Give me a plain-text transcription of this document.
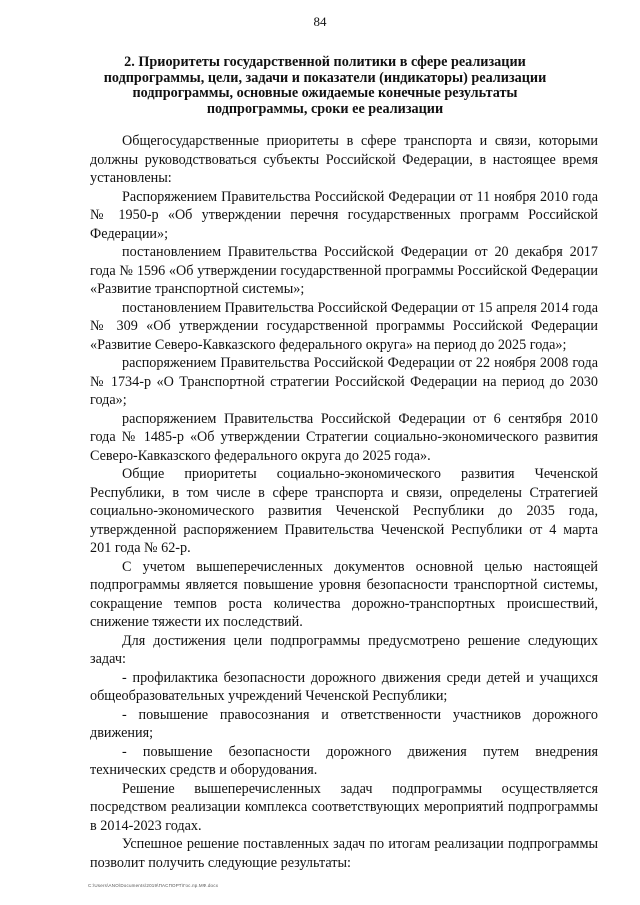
84
2. Приоритеты государственной политики в сфере реализации подпрограммы, цели, задачи и показатели (индикаторы) реализации подпрограммы, основные ожидаемые конечные результаты подпрограммы, сроки ее реализации

Общегосударственные приоритеты в сфере транспорта и связи, которыми должны руководствоваться субъекты Российской Федерации, в настоящее время установлены:

Распоряжением Правительства Российской Федерации от 11 ноября 2010 года № 1950-р «Об утверждении перечня государственных программ Российской Федерации»;

постановлением Правительства Российской Федерации от 20 декабря 2017 года № 1596 «Об утверждении государственной программы Российской Федерации «Развитие транспортной системы»;

постановлением Правительства Российской Федерации от 15 апреля 2014 года № 309 «Об утверждении государственной программы Российской Федерации «Развитие Северо-Кавказского федерального округа» на период до 2025 года»;

распоряжением Правительства Российской Федерации от 22 ноября 2008 года № 1734-р «О Транспортной стратегии Российской Федерации на период до 2030 года»;

распоряжением Правительства Российской Федерации от 6 сентября 2010 года № 1485-р «Об утверждении Стратегии социально-экономического развития Северо-Кавказского федерального округа до 2025 года».

Общие приоритеты социально-экономического развития Чеченской Республики, в том числе в сфере транспорта и связи, определены Стратегией социально-экономического развития Чеченской Республики до 2035 года, утвержденной распоряжением Правительства Чеченской Республики от 4 марта 201 года № 62-р.

С учетом вышеперечисленных документов основной целью настоящей подпрограммы является повышение уровня безопасности транспортной системы, сокращение темпов роста количества дорожно-транспортных происшествий, снижение тяжести их последствий.

Для достижения цели подпрограммы предусмотрено решение следующих задач:

- профилактика безопасности дорожного движения среди детей и учащихся общеобразовательных учреждений Чеченской Республики;

- повышение правосознания и ответственности участников дорожного движения;

- повышение безопасности дорожного движения путем внедрения технических средств и оборудования.

Решение вышеперечисленных задач подпрограммы осуществляется посредством реализации комплекса соответствующих мероприятий подпрограммы в 2014-2023 годах.

Успешное решение поставленных задач по итогам реализации подпрограммы позволит получить следующие результаты:

С:\Users\ANO\Documents\2019\ПАСПОРТ\Гос.пр.МФ.docx
